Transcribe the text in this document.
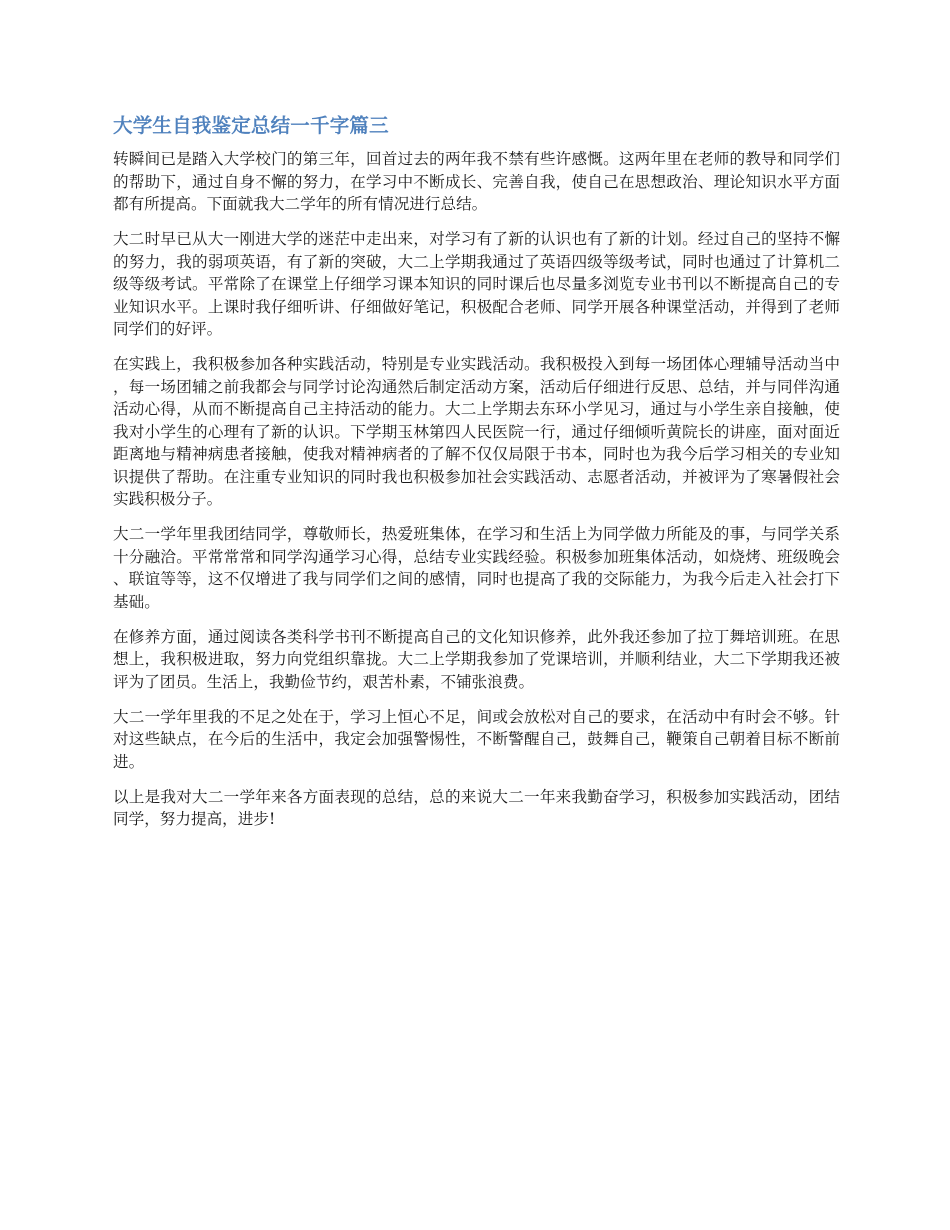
大学生自我鉴定总结一千字篇三

转瞬间已是踏入大学校门的第三年，回首过去的两年我不禁有些许感慨。这两年里在老师的教导和同学们的帮助下，通过自身不懈的努力，在学习中不断成长、完善自我，使自己在思想政治、理论知识水平方面都有所提高。下面就我大二学年的所有情况进行总结。

大二时早已从大一刚进大学的迷茫中走出来，对学习有了新的认识也有了新的计划。经过自己的坚持不懈的努力，我的弱项英语，有了新的突破，大二上学期我通过了英语四级等级考试，同时也通过了计算机二级等级考试。平常除了在课堂上仔细学习课本知识的同时课后也尽量多浏览专业书刊以不断提高自己的专业知识水平。上课时我仔细听讲、仔细做好笔记，积极配合老师、同学开展各种课堂活动，并得到了老师同学们的好评。

在实践上，我积极参加各种实践活动，特别是专业实践活动。我积极投入到每一场团体心理辅导活动当中，每一场团辅之前我都会与同学讨论沟通然后制定活动方案，活动后仔细进行反思、总结，并与同伴沟通活动心得，从而不断提高自己主持活动的能力。大二上学期去东环小学见习，通过与小学生亲自接触，使我对小学生的心理有了新的认识。下学期玉林第四人民医院一行，通过仔细倾听黄院长的讲座，面对面近距离地与精神病患者接触，使我对精神病者的了解不仅仅局限于书本，同时也为我今后学习相关的专业知识提供了帮助。在注重专业知识的同时我也积极参加社会实践活动、志愿者活动，并被评为了寒暑假社会实践积极分子。

大二一学年里我团结同学，尊敬师长，热爱班集体，在学习和生活上为同学做力所能及的事，与同学关系十分融洽。平常常常和同学沟通学习心得，总结专业实践经验。积极参加班集体活动，如烧烤、班级晚会、联谊等等，这不仅增进了我与同学们之间的感情，同时也提高了我的交际能力，为我今后走入社会打下基础。

在修养方面，通过阅读各类科学书刊不断提高自己的文化知识修养，此外我还参加了拉丁舞培训班。在思想上，我积极进取，努力向党组织靠拢。大二上学期我参加了党课培训，并顺利结业，大二下学期我还被评为了团员。生活上，我勤俭节约，艰苦朴素，不铺张浪费。

大二一学年里我的不足之处在于，学习上恒心不足，间或会放松对自己的要求，在活动中有时会不够。针对这些缺点，在今后的生活中，我定会加强警惕性，不断警醒自己，鼓舞自己，鞭策自己朝着目标不断前进。

以上是我对大二一学年来各方面表现的总结，总的来说大二一年来我勤奋学习，积极参加实践活动，团结同学，努力提高，进步!
